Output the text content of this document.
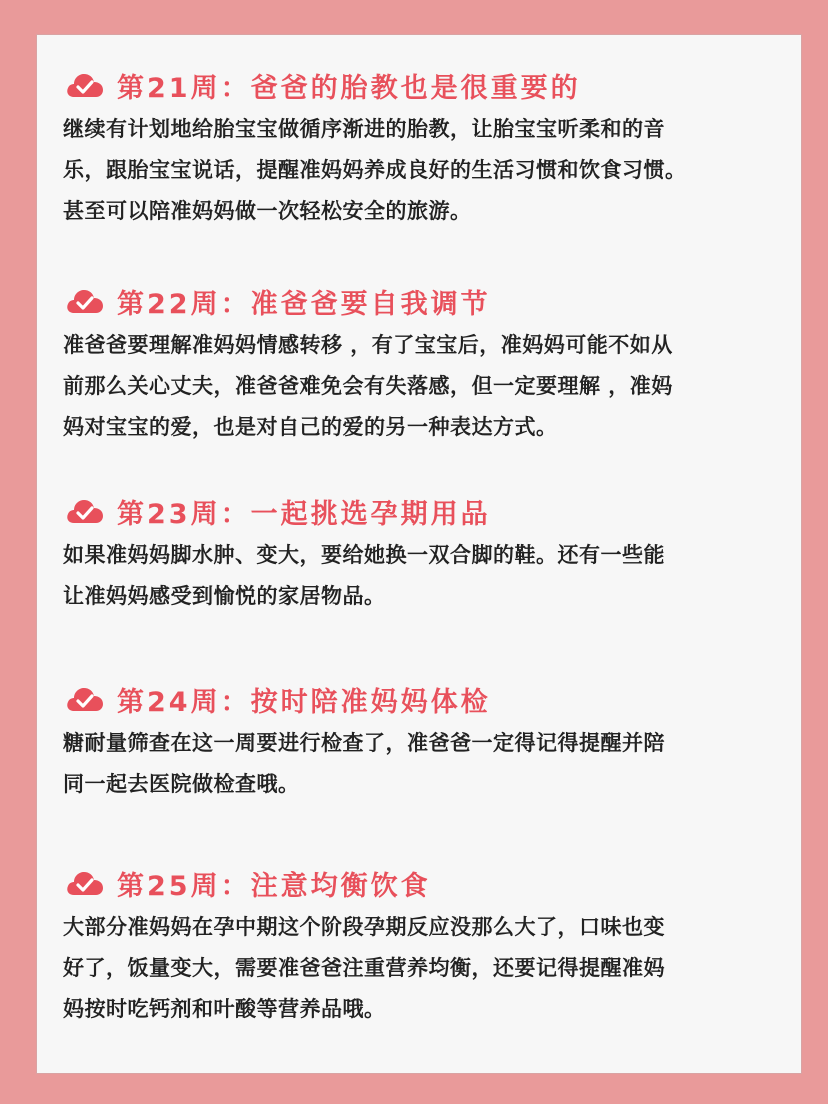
第21周：爸爸的胎教也是很重要的
继续有计划地给胎宝宝做循序渐进的胎教，让胎宝宝听柔和的音
乐，跟胎宝宝说话，提醒准妈妈养成良好的生活习惯和饮食习惯。
甚至可以陪准妈妈做一次轻松安全的旅游。
第22周：准爸爸要自我调节
准爸爸要理解准妈妈情感转移 ，有了宝宝后，准妈妈可能不如从
前那么关心丈夫，准爸爸难免会有失落感，但一定要理解 ，准妈
妈对宝宝的爱，也是对自己的爱的另一种表达方式。
第23周：一起挑选孕期用品
如果准妈妈脚水肿、变大，要给她换一双合脚的鞋。还有一些能
让准妈妈感受到愉悦的家居物品。
第24周：按时陪准妈妈体检
糖耐量筛查在这一周要进行检查了，准爸爸一定得记得提醒并陪
同一起去医院做检查哦。
第25周：注意均衡饮食
大部分准妈妈在孕中期这个阶段孕期反应没那么大了，口味也变
好了，饭量变大，需要准爸爸注重营养均衡，还要记得提醒准妈
妈按时吃钙剂和叶酸等营养品哦。
